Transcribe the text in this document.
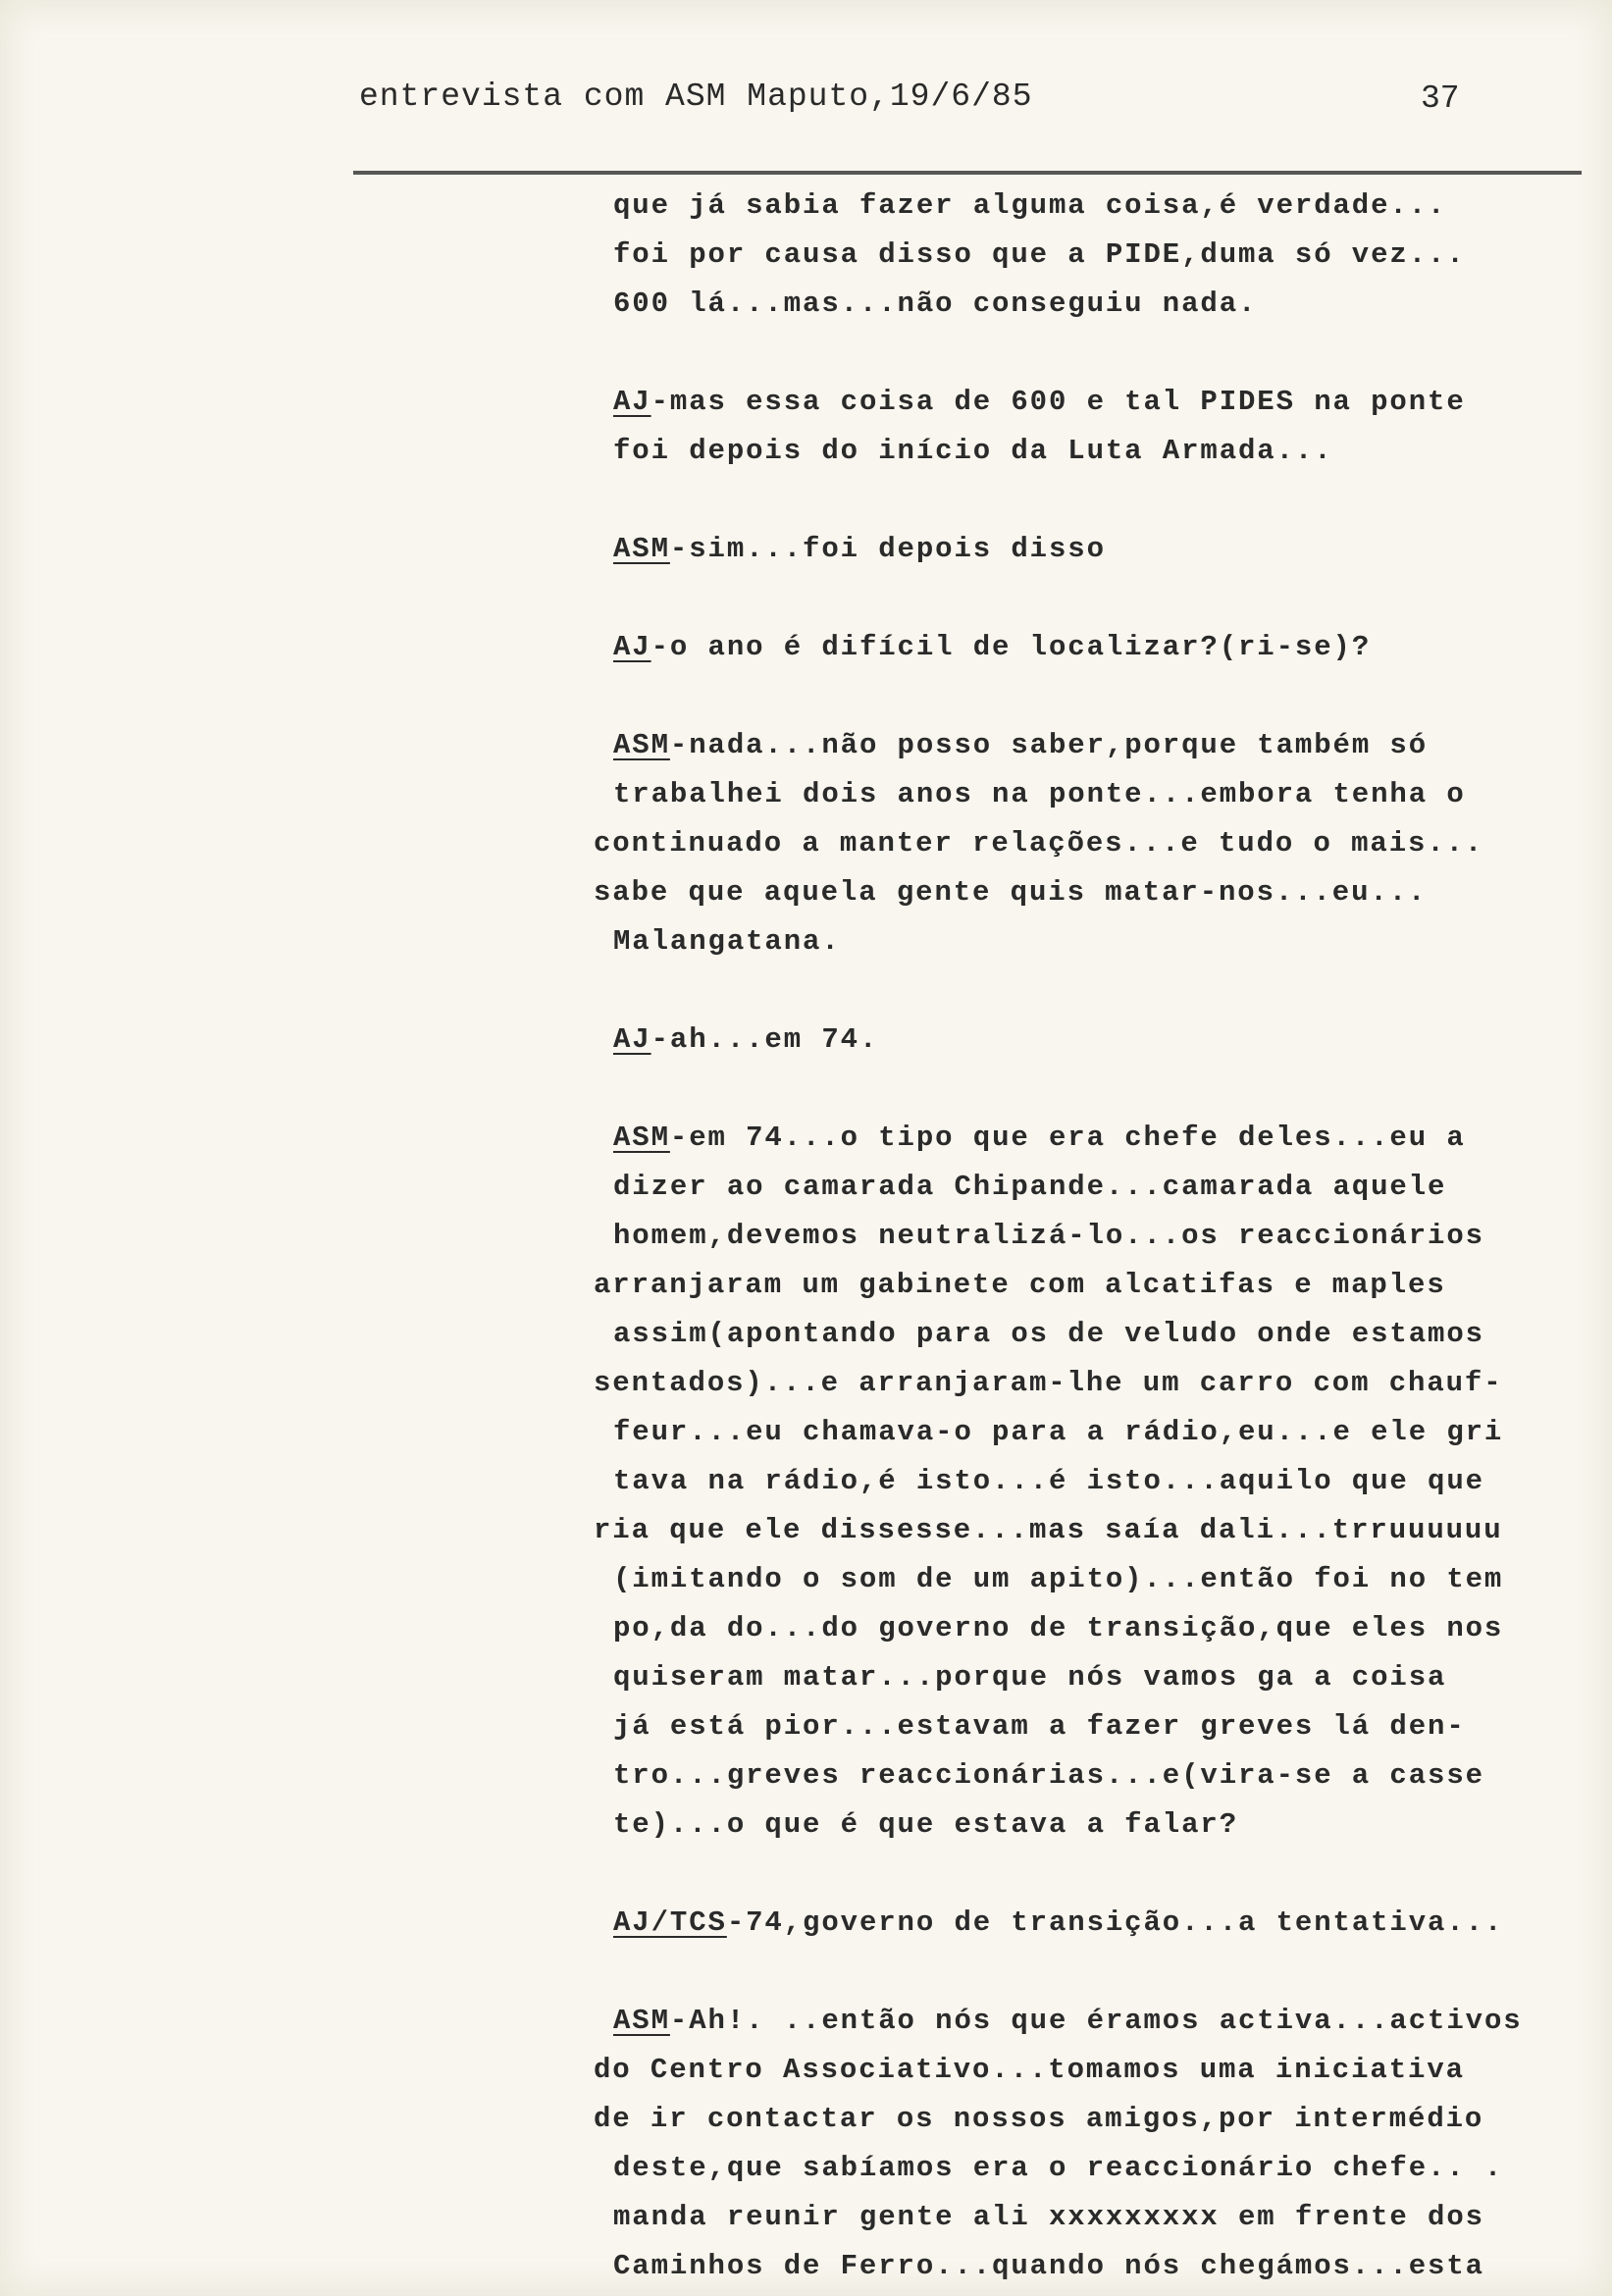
entrevista com ASM Maputo,19/6/85	37
que já sabia fazer alguma coisa,é verdade...
foi por causa disso que a PIDE,duma só vez...
600 lá...mas...não conseguiu nada.
AJ-mas essa coisa de 600 e tal PIDES na ponte
foi depois do início da Luta Armada...
ASM-sim...foi depois disso
AJ-o ano é difícil de localizar?(ri-se)?
ASM-nada...não posso saber,porque também só
trabalhei dois anos na ponte...embora tenha o
continuado a manter relações...e tudo o mais...
sabe que aquela gente quis matar-nos...eu...
Malangatana.
AJ-ah...em 74.
ASM-em 74...o tipo que era chefe deles...eu a
dizer ao camarada Chipande...camarada aquele
homem,devemos neutralizá-lo...os reaccionários
arranjaram um gabinete com alcatifas e maples
assim(apontando para os de veludo onde estamos
sentados)...e arranjaram-lhe um carro com chauf-
feur...eu chamava-o para a rádio,eu...e ele gri
tava na rádio,é isto...é isto...aquilo que que
ria que ele dissesse...mas saía dali...trruuuuuu
(imitando o som de um apito)...então foi no tem
po,da do...do governo de transição,que eles nos
quiseram matar...porque nós vamos ga a coisa
já está pior...estavam a fazer greves lá den-
tro...greves reaccionárias...e(vira-se a casse
te)...o que é que estava a falar?
AJ/TCS-74,governo de transição...a tentativa...
ASM-Ah!. ..então nós que éramos activa...activos
do Centro Associativo...tomamos uma iniciativa
de ir contactar os nossos amigos,por intermédio
deste,que sabíamos era o reaccionário chefe.. .
manda reunir gente ali xxxxxxxxx em frente dos
Caminhos de Ferro...quando nós chegámos...esta
